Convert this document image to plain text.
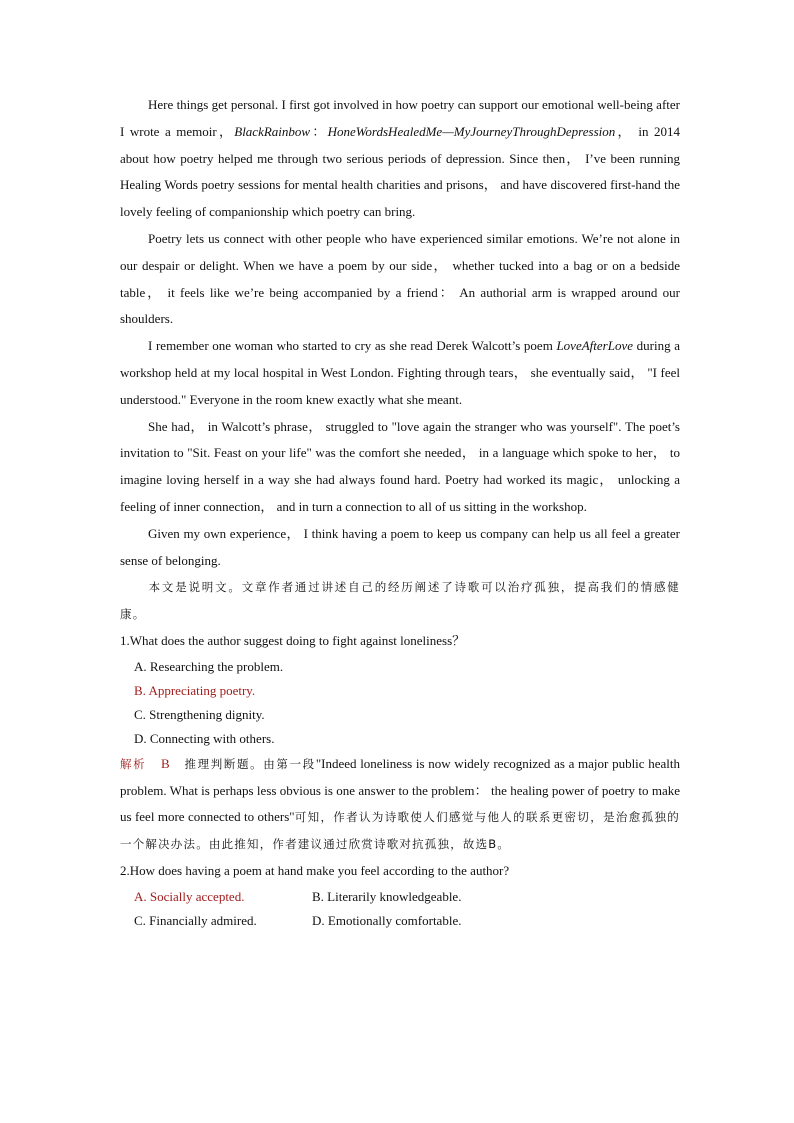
Here things get personal. I first got involved in how poetry can support our emotional well-being after I wrote a memoir，BlackRainbow：HoneWordsHealedMe—MyJourneyThroughDepression， in 2014 about how poetry helped me through two serious periods of depression. Since then， I’ve been running Healing Words poetry sessions for mental health charities and prisons， and have discovered first-hand the lovely feeling of companionship which poetry can bring.

Poetry lets us connect with other people who have experienced similar emotions. We’re not alone in our despair or delight. When we have a poem by our side， whether tucked into a bag or on a bedside table， it feels like we’re being accompanied by a friend： An authorial arm is wrapped around our shoulders.

I remember one woman who started to cry as she read Derek Walcott’s poem LoveAfterLove during a workshop held at my local hospital in West London. Fighting through tears， she eventually said， "I feel understood." Everyone in the room knew exactly what she meant.

She had， in Walcott’s phrase， struggled to "love again the stranger who was yourself". The poet’s invitation to "Sit. Feast on your life" was the comfort she needed， in a language which spoke to her， to imagine loving herself in a way she had always found hard. Poetry had worked its magic， unlocking a feeling of inner connection， and in turn a connection to all of us sitting in the workshop.

Given my own experience， I think having a poem to keep us company can help us all feel a greater sense of belonging.

本文是说明文。文章作者通过讲述自己的经历阐述了诗歌可以治疗孤独，提高我们的情感健康。

1.What does the author suggest doing to fight against loneliness？
A. Researching the problem.
B. Appreciating poetry.
C. Strengthening dignity.
D. Connecting with others.

解析 B 推理判断题。由第一段"Indeed loneliness is now widely recognized as a major public health problem. What is perhaps less obvious is one answer to the problem： the healing power of poetry to make us feel more connected to others"可知，作者认为诗歌使人们感觉与他人的联系更密切，是治愈孤独的一个解决办法。由此推知，作者建议通过欣赏诗歌对抗孤独，故选B。

2.How does having a poem at hand make you feel according to the author?
A. Socially accepted.	B. Literarily knowledgeable.
C. Financially admired.	D. Emotionally comfortable.
